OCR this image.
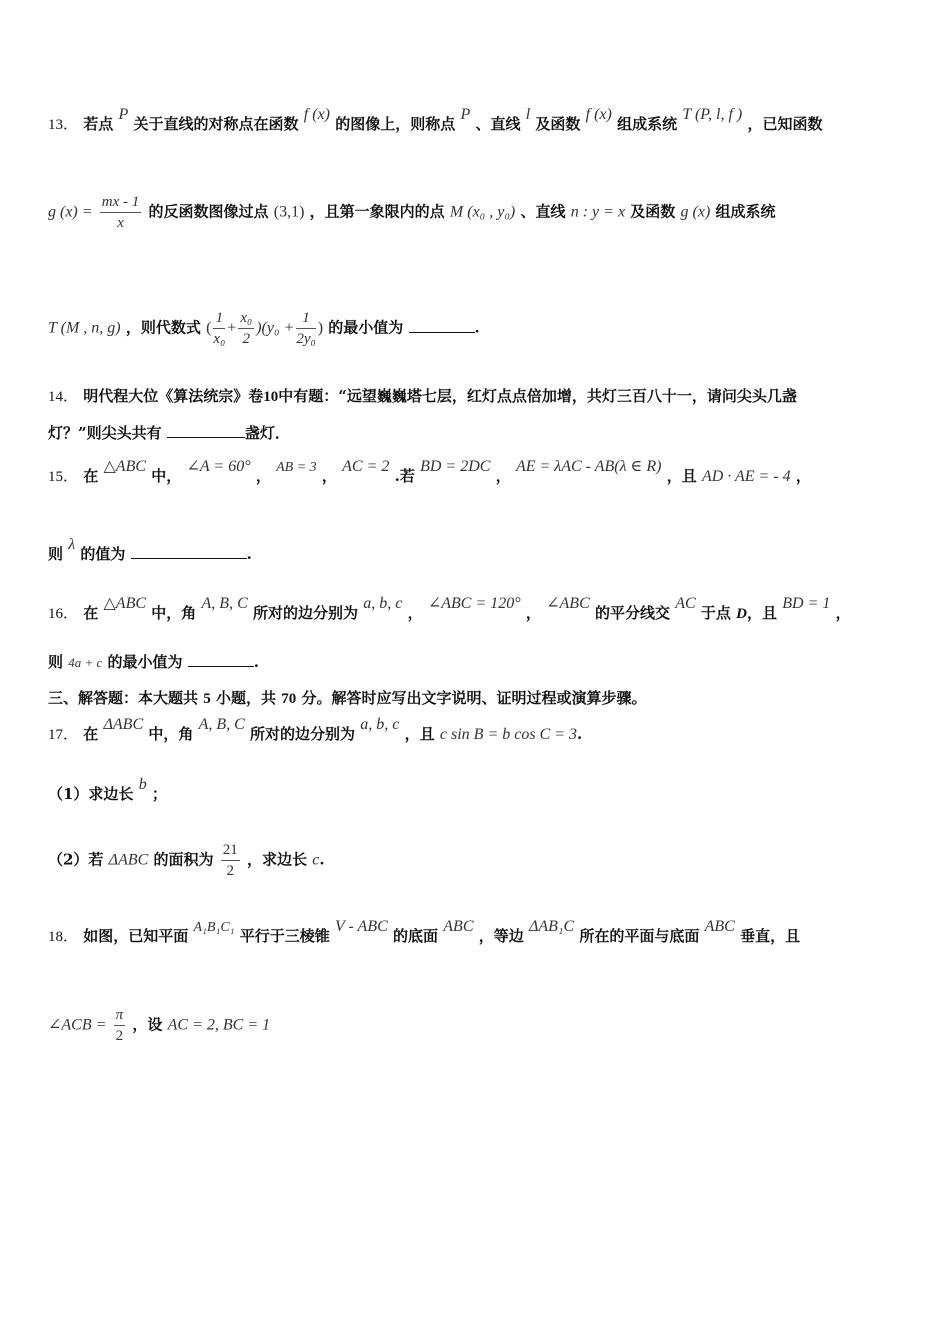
13． 若点 P 关于直线的对称点在函数 f (x) 的图像上，则称点 P 、直线 l 及函数 f (x) 组成系统 T (P, l, f ) ，已知函数
g $(x) = \frac{mx - 1}{x}$ 的反函数图像过点 (3,1) ，且第一象限内的点 M (x₀ , y₀) 、直线 n : y = x 及函数 g (x) 组成系统
T (M , n, g) ，则代数式 ( $\frac{1}{\text{x₀}} + \frac{\text{x₀}}{2} )(y_0 + \frac{1}{\text{2y₀}}$ ) 的最小值为	.
14． 明代程大位《算法统宗》卷10中有题：“远望巍巍塔七层，红灯点点倍加增，共灯三百八十一，请问尖头几盏
灯？”则尖头共有	盏灯．
15． 在 △ABC 中， ∠A = 60° ， AB = 3 ， AC = 2 .若 BD = 2DC ， AE = λAC - AB(λ ∈ R) ，且 AD · AE = - 4 ，
则 λ 的值为	.
16． 在 △ABC 中，角 A, B, C 所对的边分别为 a, b, c ， ∠ABC = 120° ， ∠ABC 的平分线交 AC 于点 D，且 BD = 1 ，
则 4a + c 的最小值为	.
三、解答题：本大题共 5 小题，共 70 分。解答时应写出文字说明、证明过程或演算步骤。
17． 在 ΔABC 中，角 A, B, C 所对的边分别为 a, b, c ，且 c sin B = b cos C = 3.
（1）求边长 b ；
（2）若 ΔABC 的面积为 $\frac{21}{2}$ ，求边长 c.
18． 如图，已知平面 A₁B₁C₁ 平行于三棱锥 V - ABC 的底面 ABC ，等边 ΔAB₁C 所在的平面与底面 ABC 垂直，且
∠ACB = $\frac{\pi}{2}$ ，设 AC = 2, BC = 1
